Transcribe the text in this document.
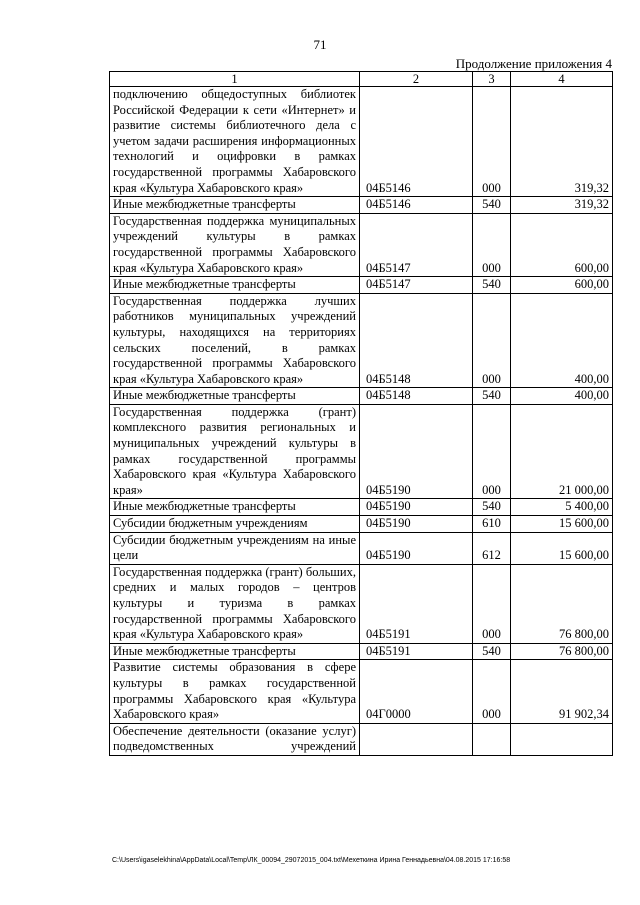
71
Продолжение приложения 4
1	2	3	4
подключению общедоступных библиотек Российской Федерации к сети «Интернет» и развитие системы библиотечного дела с учетом задачи расширения информационных технологий и оцифровки в рамках государственной программы Хабаровского края «Культура Хабаровского края»	04Б5146	000	319,32
Иные межбюджетные трансферты	04Б5146	540	319,32
Государственная поддержка муниципальных учреждений культуры в рамках государственной программы Хабаровского края «Культура Хабаровского края»	04Б5147	000	600,00
Иные межбюджетные трансферты	04Б5147	540	600,00
Государственная поддержка лучших работников муниципальных учреждений культуры, находящихся на территориях сельских поселений, в рамках государственной программы Хабаровского края «Культура Хабаровского края»	04Б5148	000	400,00
Иные межбюджетные трансферты	04Б5148	540	400,00
Государственная поддержка (грант) комплексного развития региональных и муниципальных учреждений культуры в рамках государственной программы Хабаровского края «Культура Хабаровского края»	04Б5190	000	21 000,00
Иные межбюджетные трансферты	04Б5190	540	5 400,00
Субсидии бюджетным учреждениям	04Б5190	610	15 600,00
Субсидии бюджетным учреждениям на иные цели	04Б5190	612	15 600,00
Государственная поддержка (грант) больших, средних и малых городов – центров культуры и туризма в рамках государственной программы Хабаровского края «Культура Хабаровского края»	04Б5191	000	76 800,00
Иные межбюджетные трансферты	04Б5191	540	76 800,00
Развитие системы образования в сфере культуры в рамках государственной программы Хабаровского края «Культура Хабаровского края»	04Г0000	000	91 902,34
Обеспечение деятельности (оказание услуг) подведомственных учреждений			
C:\Users\igaselekhina\AppData\Local\Temp\ЛК_00094_29072015_004.txt\Мехеткина Ирина Геннадьевна\04.08.2015 17:16:58
